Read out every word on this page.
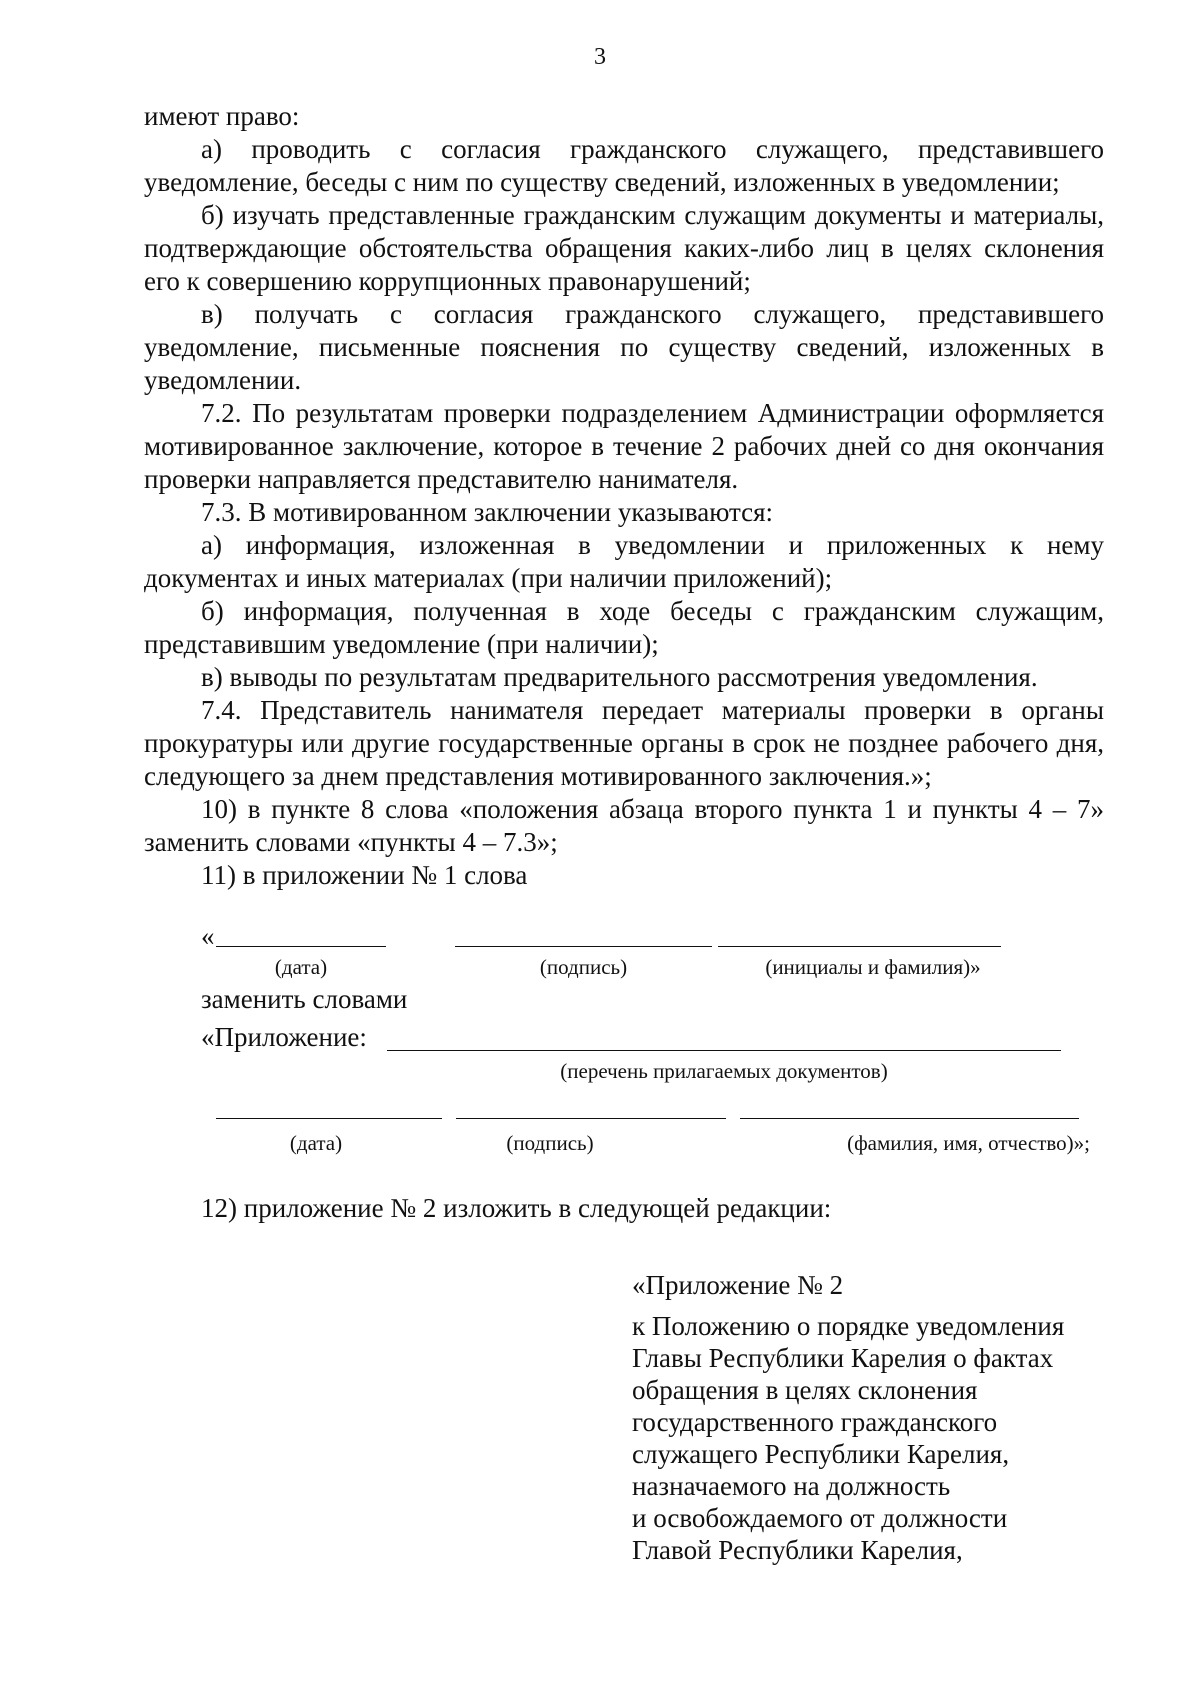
3

имеют право:

а) проводить с согласия гражданского служащего, представившего уведомление, беседы с ним по существу сведений, изложенных в уведомлении;

б) изучать представленные гражданским служащим документы и материалы, подтверждающие обстоятельства обращения каких-либо лиц в целях склонения его к совершению коррупционных правонарушений;

в) получать с согласия гражданского служащего, представившего уведомление, письменные пояснения по существу сведений, изложенных в уведомлении.

7.2. По результатам проверки подразделением Администрации оформляется мотивированное заключение, которое в течение 2 рабочих дней со дня окончания проверки направляется представителю нанимателя.

7.3. В мотивированном заключении указываются:

а) информация, изложенная в уведомлении и приложенных к нему документах и иных материалах (при наличии приложений);

б) информация, полученная в ходе беседы с гражданским служащим, представившим уведомление (при наличии);

в) выводы по результатам предварительного рассмотрения уведомления.

7.4. Представитель нанимателя передает материалы проверки в органы прокуратуры или другие государственные органы в срок не позднее рабочего дня, следующего за днем представления мотивированного заключения.»;

10) в пункте 8 слова «положения абзаца второго пункта 1 и пункты 4 – 7» заменить словами «пункты 4 – 7.3»;

11) в приложении № 1 слова

«
(дата)	(подпись)	(инициалы и фамилия)»
заменить словами
«Приложение:
(перечень прилагаемых документов)
(дата)	(подпись)	(фамилия, имя, отчество)»;
12) приложение № 2 изложить в следующей редакции:
«Приложение № 2
к Положению о порядке уведомления
Главы Республики Карелия о фактах
обращения в целях склонения
государственного гражданского
служащего Республики Карелия,
назначаемого на должность
и освобождаемого от должности
Главой Республики Карелия,
